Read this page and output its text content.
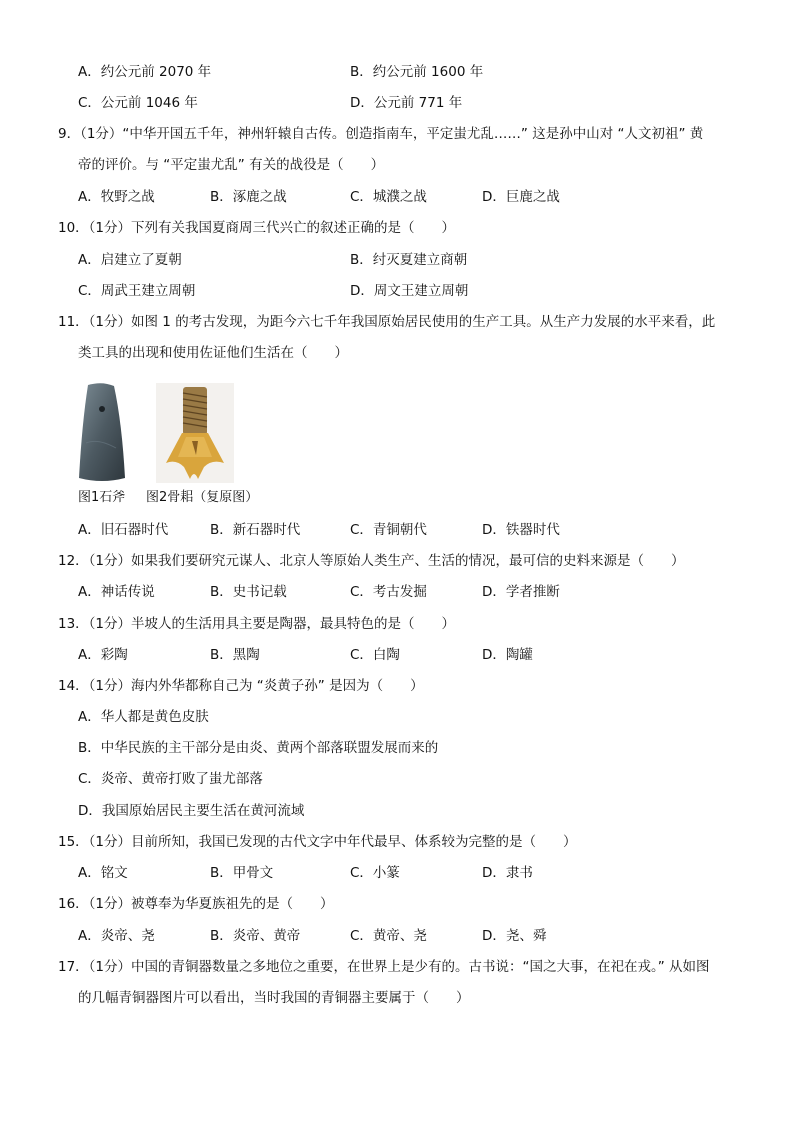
A．约公元前 2070 年	B．约公元前 1600 年
C．公元前 1046 年	D．公元前 771 年
9．（1分）“中华开国五千年，神州轩辕自古传。创造指南车，平定蚩尤乱……” 这是孙中山对 “人文初祖” 黄
帝的评价。与 “平定蚩尤乱” 有关的战役是（　　）
A．牧野之战	B．涿鹿之战	C．城濮之战	D．巨鹿之战
10．（1分）下列有关我国夏商周三代兴亡的叙述正确的是（　　）
A．启建立了夏朝	B．纣灭夏建立商朝
C．周武王建立周朝	D．周文王建立周朝
11．（1分）如图 1 的考古发现，为距今六七千年我国原始居民使用的生产工具。从生产力发展的水平来看，此
类工具的出现和使用佐证他们生活在（　　）
图1石斧 图2骨耜（复原图）
A．旧石器时代	B．新石器时代	C．青铜朝代	D．铁器时代
12．（1分）如果我们要研究元谋人、北京人等原始人类生产、生活的情况，最可信的史料来源是（　　）
A．神话传说	B．史书记载	C．考古发掘	D．学者推断
13．（1分）半坡人的生活用具主要是陶器，最具特色的是（　　）
A．彩陶	B．黑陶	C．白陶	D．陶罐
14．（1分）海内外华都称自己为 “炎黄子孙” 是因为（　　）
A．华人都是黄色皮肤
B．中华民族的主干部分是由炎、黄两个部落联盟发展而来的
C．炎帝、黄帝打败了蚩尤部落
D．我国原始居民主要生活在黄河流域
15．（1分）目前所知，我国已发现的古代文字中年代最早、体系较为完整的是（　　）
A．铭文	B．甲骨文	C．小篆	D．隶书
16．（1分）被尊奉为华夏族祖先的是（　　）
A．炎帝、尧	B．炎帝、黄帝	C．黄帝、尧	D．尧、舜
17．（1分）中国的青铜器数量之多地位之重要，在世界上是少有的。古书说：“国之大事，在祀在戎。” 从如图
的几幅青铜器图片可以看出，当时我国的青铜器主要属于（　　）
